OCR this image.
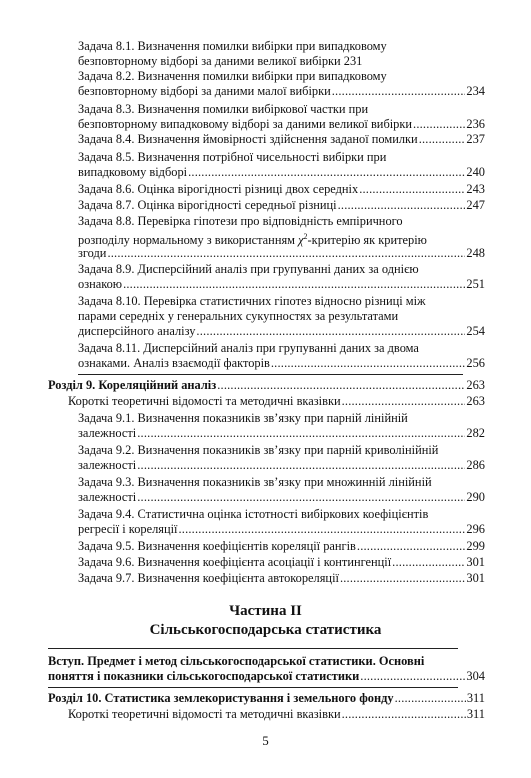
Задача 8.1. Визначення помилки вибірки при випадковому
безповторному відборі за даними великої вибірки 231
Задача 8.2. Визначення помилки вибірки при випадковому
безповторному відборі за даними малої вибірки .....	234
Задача 8.3. Визначення помилки вибіркової частки при
безповторному випадковому відборі за даними великої вибірки .....	236
Задача 8.4. Визначення ймовірності здійснення заданої помилки .....	237
Задача 8.5. Визначення потрібної чисельності вибірки при
випадковому відборі .....	240
Задача 8.6. Оцінка вірогідності різниці двох середніх .....	243
Задача 8.7. Оцінка вірогідності середньої різниці .....	247
Задача 8.8. Перевірка гіпотези про відповідність емпіричного
розподілу нормальному з використанням $\chi^2$-критерію як критерію
згоди .....	248
Задача 8.9. Дисперсійний аналіз при групуванні даних за однією
ознакою .....	251
Задача 8.10. Перевірка статистичних гіпотез відносно різниці між
парами середніх у генеральних сукупностях за результатами
дисперсійного аналізу .....	254
Задача 8.11. Дисперсійний аналіз при групуванні даних за двома
ознаками. Аналіз взаємодії факторів .....	256
Розділ 9. Кореляційний аналіз .....	263
Короткі теоретичні відомості та методичні вказівки .....	263
Задача 9.1. Визначення показників зв’язку при парній лінійній
залежності .....	282
Задача 9.2. Визначення показників зв’язку при парній криволінійній
залежності .....	286
Задача 9.3. Визначення показників зв’язку при множинній лінійній
залежності .....	290
Задача 9.4. Статистична оцінка істотності вибіркових коефіцієнтів
регресії і кореляції .....	296
Задача 9.5. Визначення коефіцієнтів кореляції рангів .....	299
Задача 9.6. Визначення коефіцієнта асоціації і контингенції .....	301
Задача 9.7. Визначення коефіцієнта автокореляції .....	301
Частина ІІ
Сільськогосподарська статистика
Вступ. Предмет і метод сільськогосподарської статистики. Основні
поняття і показники сільськогосподарської статистики .....	304
Розділ 10. Статистика землекористування і земельного фонду .....	311
Короткі теоретичні відомості та методичні вказівки .....	311
5
